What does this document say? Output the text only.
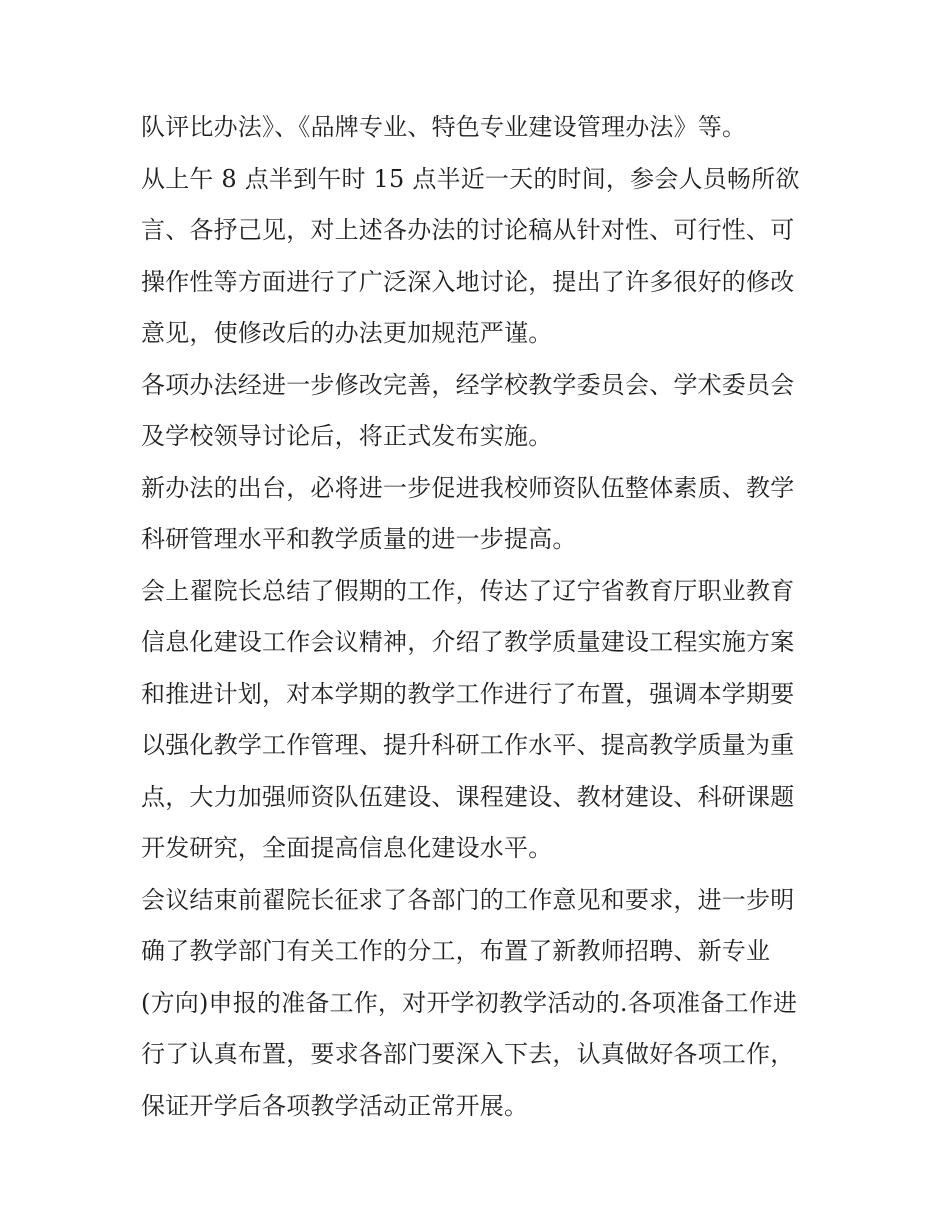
队评比办法》、《品牌专业、特色专业建设管理办法》等。
从上午 8 点半到午时 15 点半近一天的时间，参会人员畅所欲
言、各抒己见，对上述各办法的讨论稿从针对性、可行性、可
操作性等方面进行了广泛深入地讨论，提出了许多很好的修改
意见，使修改后的办法更加规范严谨。
各项办法经进一步修改完善，经学校教学委员会、学术委员会
及学校领导讨论后，将正式发布实施。
新办法的出台，必将进一步促进我校师资队伍整体素质、教学
科研管理水平和教学质量的进一步提高。
会上翟院长总结了假期的工作，传达了辽宁省教育厅职业教育
信息化建设工作会议精神，介绍了教学质量建设工程实施方案
和推进计划，对本学期的教学工作进行了布置，强调本学期要
以强化教学工作管理、提升科研工作水平、提高教学质量为重
点，大力加强师资队伍建设、课程建设、教材建设、科研课题
开发研究，全面提高信息化建设水平。
会议结束前翟院长征求了各部门的工作意见和要求，进一步明
确了教学部门有关工作的分工，布置了新教师招聘、新专业
(方向)申报的准备工作，对开学初教学活动的.各项准备工作进
行了认真布置，要求各部门要深入下去，认真做好各项工作，
保证开学后各项教学活动正常开展。
